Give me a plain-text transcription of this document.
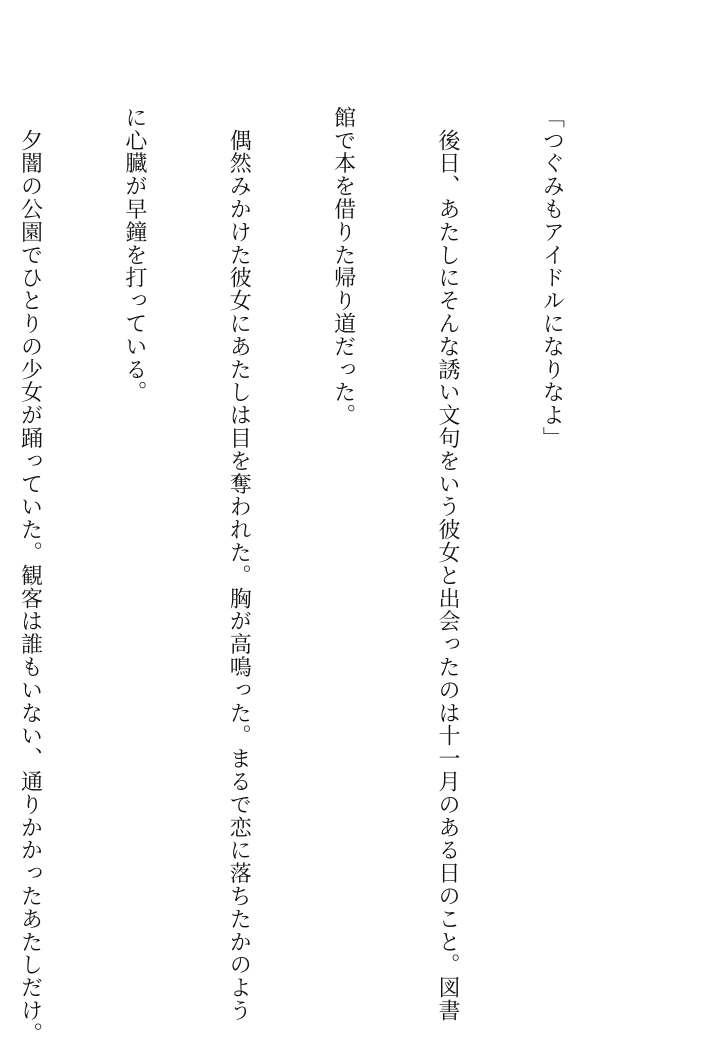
「つぐみもアイドルになりなよ」

　後日、あたしにそんな誘い文句をいう彼女と出会ったのは十一月のある日のこと。図書

館で本を借りた帰り道だった。

　偶然みかけた彼女にあたしは目を奪われた。胸が高鳴った。まるで恋に落ちたかのよう

に心臓が早鐘を打っている。

　夕闇の公園でひとりの少女が踊っていた。観客は誰もいない、通りかかったあたしだけ。
